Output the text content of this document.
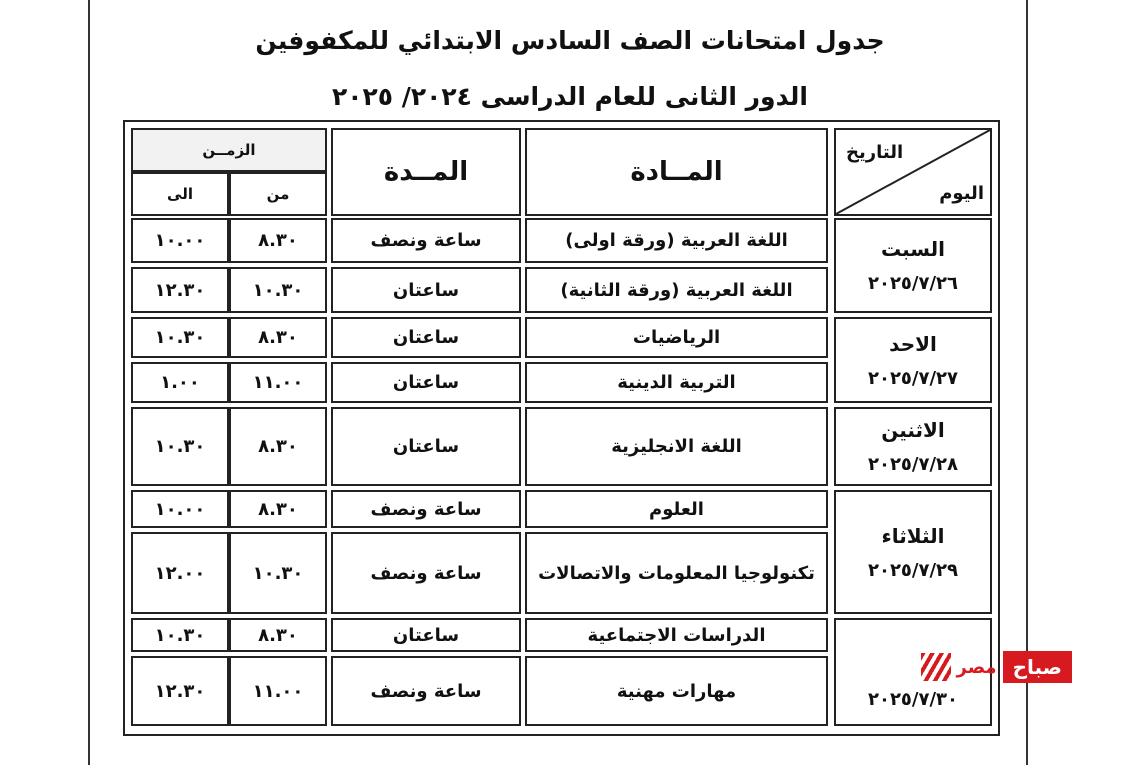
جدول امتحانات الصف السادس الابتدائي للمكفوفين
الدور الثانى للعام الدراسى ٢٠٢٤/ ٢٠٢٥
التاريخ
اليوم
المــادة
المــدة
الزمــن
من
الى
السبت
٢٠٢٥/٧/٢٦
الاحد
٢٠٢٥/٧/٢٧
الاثنين
٢٠٢٥/٧/٢٨
الثلاثاء
٢٠٢٥/٧/٢٩
٢٠٢٥/٧/٣٠
اللغة العربية (ورقة اولى)
ساعة ونصف
٨.٣٠
١٠.٠٠
اللغة العربية (ورقة الثانية)
ساعتان
١٠.٣٠
١٢.٣٠
الرياضيات
ساعتان
٨.٣٠
١٠.٣٠
التربية الدينية
ساعتان
١١.٠٠
١.٠٠
اللغة الانجليزية
ساعتان
٨.٣٠
١٠.٣٠
العلوم
ساعة ونصف
٨.٣٠
١٠.٠٠
تكنولوجيا المعلومات والاتصالات
ساعة ونصف
١٠.٣٠
١٢.٠٠
الدراسات الاجتماعية
ساعتان
٨.٣٠
١٠.٣٠
مهارات مهنية
ساعة ونصف
١١.٠٠
١٢.٣٠
صباح
مصر
